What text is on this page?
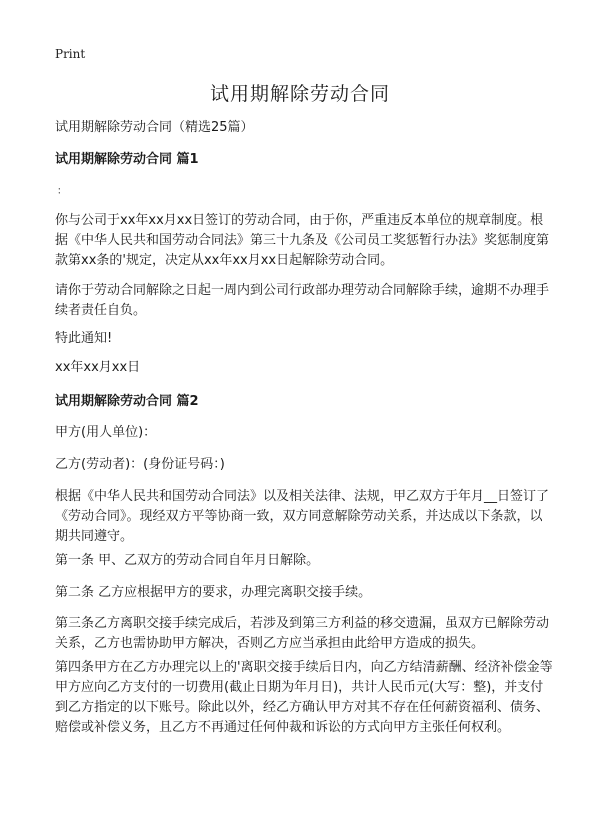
Print
试用期解除劳动合同

试用期解除劳动合同（精选25篇）

试用期解除劳动合同 篇1

：

你与公司于xx年xx月xx日签订的劳动合同，由于你，严重违反本单位的规章制度。根据《中华人民共和国劳动合同法》第三十九条及《公司员工奖惩暂行办法》奖惩制度第款第xx条的'规定，决定从xx年xx月xx日起解除劳动合同。

请你于劳动合同解除之日起一周内到公司行政部办理劳动合同解除手续，逾期不办理手续者责任自负。

特此通知!

xx年xx月xx日

试用期解除劳动合同 篇2

甲方(用人单位)：

乙方(劳动者)：(身份证号码：)

根据《中华人民共和国劳动合同法》以及相关法律、法规，甲乙双方于年月__日签订了《劳动合同》。现经双方平等协商一致，双方同意解除劳动关系，并达成以下条款，以期共同遵守。

第一条 甲、乙双方的劳动合同自年月日解除。

第二条 乙方应根据甲方的要求，办理完离职交接手续。

第三条乙方离职交接手续完成后，若涉及到第三方利益的移交遗漏，虽双方已解除劳动关系，乙方也需协助甲方解决，否则乙方应当承担由此给甲方造成的损失。

第四条甲方在乙方办理完以上的'离职交接手续后日内，向乙方结清薪酬、经济补偿金等甲方应向乙方支付的一切费用(截止日期为年月日)，共计人民币元(大写：整)，并支付到乙方指定的以下账号。除此以外，经乙方确认甲方对其不存在任何薪资福利、债务、赔偿或补偿义务，且乙方不再通过任何仲裁和诉讼的方式向甲方主张任何权利。
